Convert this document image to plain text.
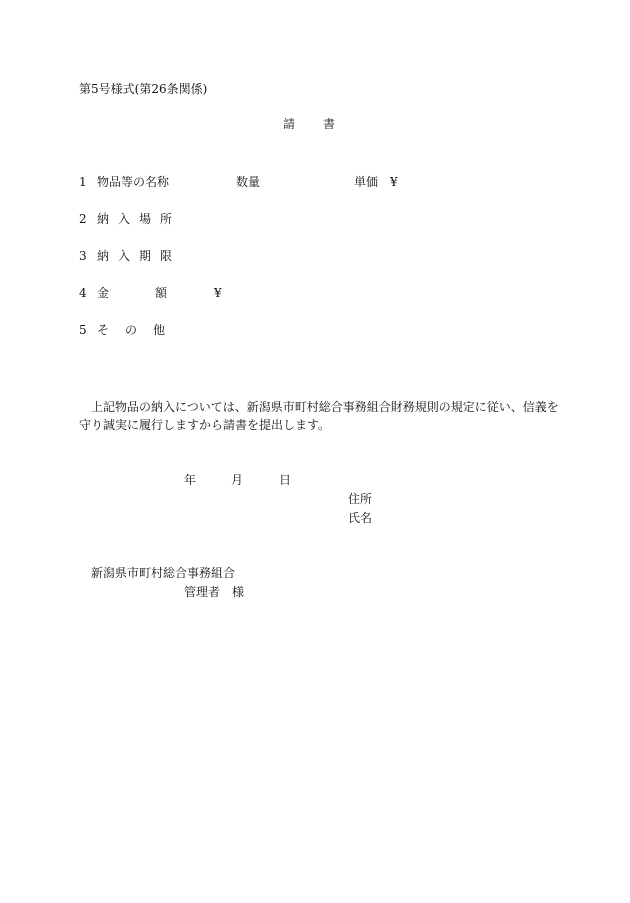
第5号様式(第26条関係)
請書
1 物品等の名称	数量	単価 ¥
2 納入場所
3 納入期限
4 金	額	¥
5 その他
上記物品の納入については、新潟県市町村総合事務組合財務規則の規定に従い、信義を守り誠実に履行しますから請書を提出します。
年	月	日
住所
氏名
新潟県市町村総合事務組合
管理者　様
